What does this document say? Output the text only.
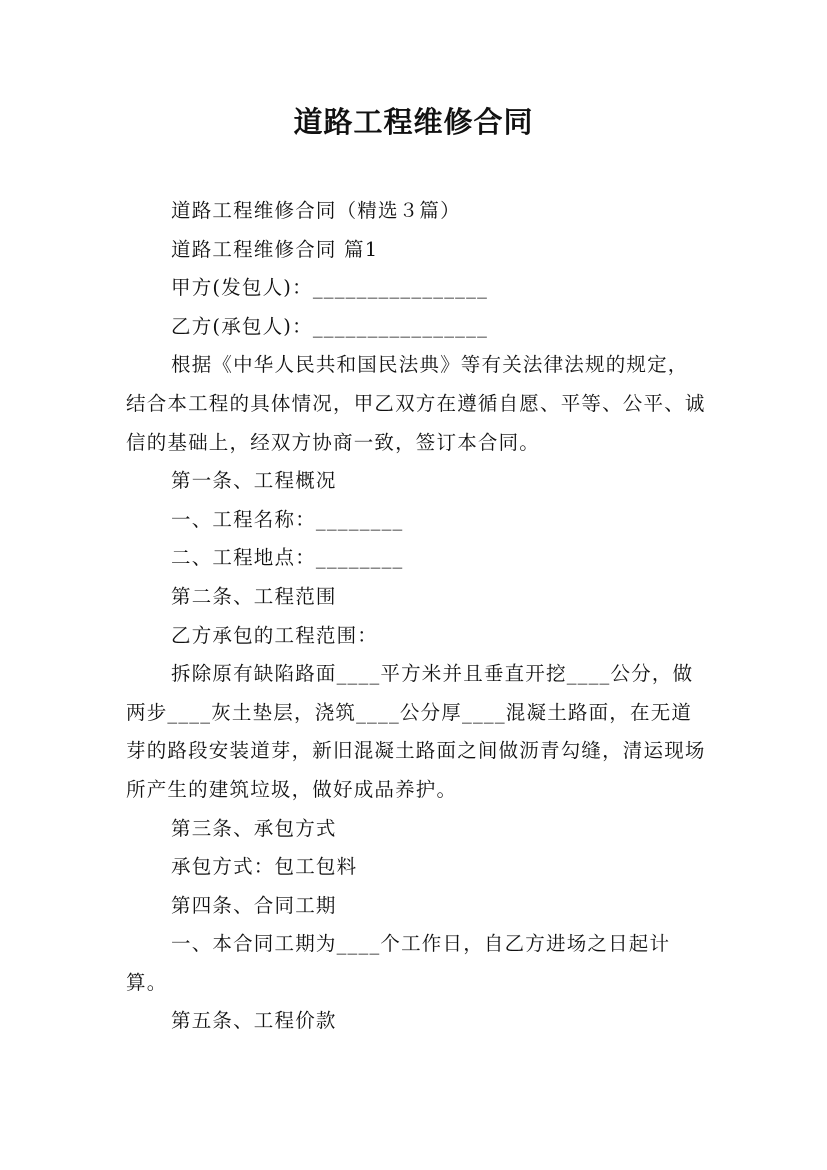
道路工程维修合同

道路工程维修合同（精选３篇）

道路工程维修合同 篇1

甲方(发包人)：________________

乙方(承包人)：________________

根据《中华人民共和国民法典》等有关法律法规的规定，结合本工程的具体情况，甲乙双方在遵循自愿、平等、公平、诚信的基础上，经双方协商一致，签订本合同。

第一条、工程概况

一、工程名称：________

二、工程地点：________

第二条、工程范围

乙方承包的工程范围：

拆除原有缺陷路面____平方米并且垂直开挖____公分，做两步____灰土垫层，浇筑____公分厚____混凝土路面，在无道芽的路段安装道芽，新旧混凝土路面之间做沥青勾缝，清运现场所产生的建筑垃圾，做好成品养护。

第三条、承包方式

承包方式：包工包料

第四条、合同工期

一、本合同工期为____个工作日，自乙方进场之日起计算。

第五条、工程价款
